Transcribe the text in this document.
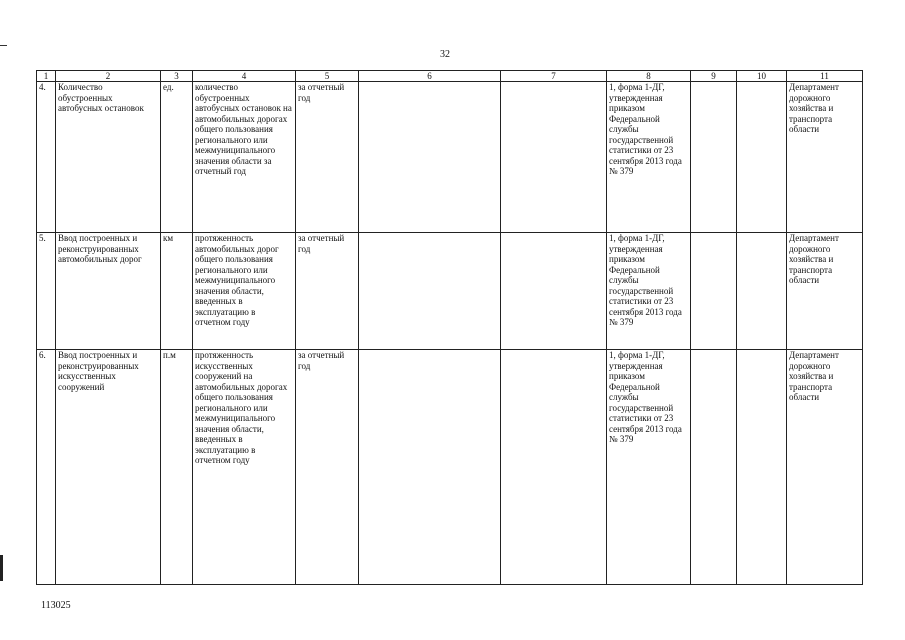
32
1	2	3	4	5	6	7	8	9	10	11
4.	Количество обустроенных автобусных остановок	ед.	количество обустроенных автобусных остановок на автомобильных дорогах общего пользования регионального или межмуниципального значения области за отчетный год	за отчетный год			1, форма 1-ДГ, утвержденная приказом Федеральной службы государственной статистики от 23 сентября 2013 года № 379			Департамент дорожного хозяйства и транспорта области
5.	Ввод построенных и реконструированных автомобильных дорог	км	протяженность автомобильных дорог общего пользования регионального или межмуниципального значения области, введенных в эксплуатацию в отчетном году	за отчетный год			1, форма 1-ДГ, утвержденная приказом Федеральной службы государственной статистики от 23 сентября 2013 года № 379			Департамент дорожного хозяйства и транспорта области
6.	Ввод построенных и реконструированных искусственных сооружений	п.м	протяженность искусственных сооружений на автомобильных дорогах общего пользования регионального или межмуниципального значения области, введенных в эксплуатацию в отчетном году	за отчетный год			1, форма 1-ДГ, утвержденная приказом Федеральной службы государственной статистики от 23 сентября 2013 года № 379			Департамент дорожного хозяйства и транспорта области
113025
